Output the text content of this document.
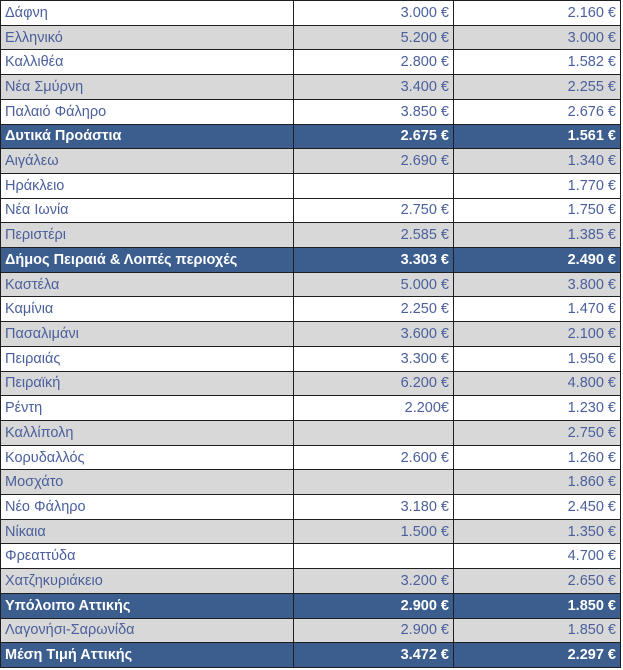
Δάφνη	3.000 €	2.160 €
Ελληνικό	5.200 €	3.000 €
Καλλιθέα	2.800 €	1.582 €
Νέα Σμύρνη	3.400 €	2.255 €
Παλαιό Φάληρο	3.850 €	2.676 €
Δυτικά Προάστια	2.675 €	1.561 €
Αιγάλεω	2.690 €	1.340 €
Ηράκλειο		1.770 €
Νέα Ιωνία	2.750 €	1.750 €
Περιστέρι	2.585 €	1.385 €
Δήμος Πειραιά & Λοιπές περιοχές	3.303 €	2.490 €
Καστέλα	5.000 €	3.800 €
Καμίνια	2.250 €	1.470 €
Πασαλιμάνι	3.600 €	2.100 €
Πειραιάς	3.300 €	1.950 €
Πειραϊκή	6.200 €	4.800 €
Ρέντη	2.200€	1.230 €
Καλλίπολη		2.750 €
Κορυδαλλός	2.600 €	1.260 €
Μοσχάτο		1.860 €
Νέο Φάληρο	3.180 €	2.450 €
Νίκαια	1.500 €	1.350 €
Φρεαττύδα		4.700 €
Χατζηκυριάκειο	3.200 €	2.650 €
Υπόλοιπο Αττικής	2.900 €	1.850 €
Λαγονήσι-Σαρωνίδα	2.900 €	1.850 €
Μέση Τιμή Αττικής	3.472 €	2.297 €
